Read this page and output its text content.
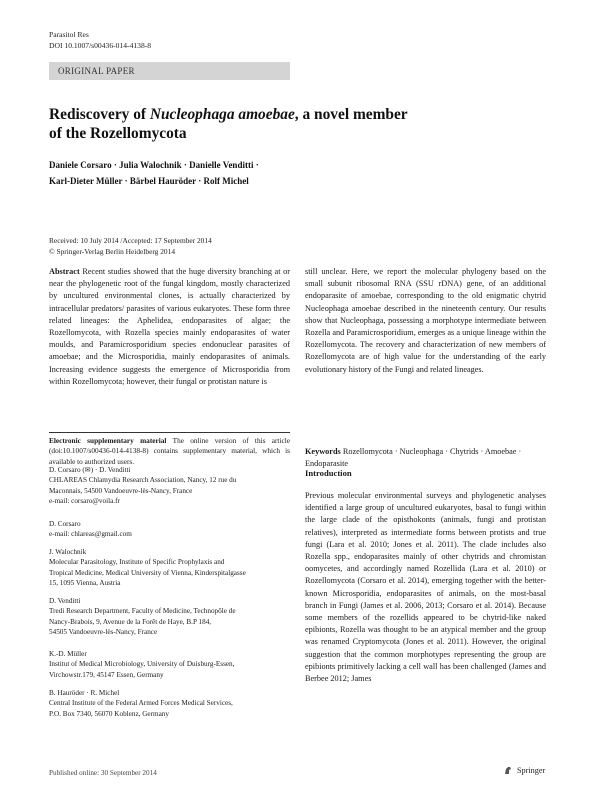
Parasitol Res
DOI 10.1007/s00436-014-4138-8
ORIGINAL PAPER
Rediscovery of Nucleophaga amoebae, a novel member
of the Rozellomycota
Daniele Corsaro · Julia Walochnik · Danielle Venditti ·
Karl-Dieter Müller · Bärbel Hauröder · Rolf Michel
Received: 10 July 2014 /Accepted: 17 September 2014
© Springer-Verlag Berlin Heidelberg 2014

Abstract Recent studies showed that the huge diversity branching at or near the phylogenetic root of the fungal kingdom, mostly characterized by uncultured environmental clones, is actually characterized by intracellular predators/ parasites of various eukaryotes. These form three related lineages: the Aphelidea, endoparasites of algae; the Rozellomycota, with Rozella species mainly endoparasites of water moulds, and Paramicrosporidium species endonuclear parasites of amoebae; and the Microsporidia, mainly endoparasites of animals. Increasing evidence suggests the emergence of Microsporidia from within Rozellomycota; however, their fungal or protistan nature is

Electronic supplementary material The online version of this article (doi:10.1007/s00436-014-4138-8) contains supplementary material, which is available to authorized users.
D. Corsaro (✉) · D. Venditti
CHLAREAS Chlamydia Research Association, Nancy, 12 rue du
Maconnais, 54500 Vandoeuvre-lès-Nancy, France
e-mail: corsaro@voila.fr
D. Corsaro
e-mail: chlareas@gmail.com
J. Walochnik
Molecular Parasitology, Institute of Specific Prophylaxis and
Tropical Medicine, Medical University of Vienna, Kinderspitalgasse
15, 1095 Vienna, Austria
D. Venditti
Tredi Research Department, Faculty of Medicine, Technopôle de
Nancy-Brabois, 9, Avenue de la Forêt de Haye, B.P 184,
54505 Vandoeuvre-lès-Nancy, France
K.-D. Müller
Institut of Medical Microbiology, University of Duisburg-Essen,
Virchowstr.179, 45147 Essen, Germany
B. Hauröder · R. Michel
Central Institute of the Federal Armed Forces Medical Services,
P.O. Box 7340, 56070 Koblenz, Germany

still unclear. Here, we report the molecular phylogeny based on the small subunit ribosomal RNA (SSU rDNA) gene, of an additional endoparasite of amoebae, corresponding to the old enigmatic chytrid Nucleophaga amoebae described in the nineteenth century. Our results show that Nucleophaga, possessing a morphotype intermediate between Rozella and Paramicrosporidium, emerges as a unique lineage within the Rozellomycota. The recovery and characterization of new members of Rozellomycota are of high value for the understanding of the early evolutionary history of the Fungi and related lineages.

Keywords Rozellomycota · Nucleophaga · Chytrids · Amoebae · Endoparasite
Introduction

Previous molecular environmental surveys and phylogenetic analyses identified a large group of uncultured eukaryotes, basal to fungi within the large clade of the opisthokonts (animals, fungi and protistan relatives), interpreted as intermediate forms between protists and true fungi (Lara et al. 2010; Jones et al. 2011). The clade includes also Rozella spp., endoparasites mainly of other chytrids and chromistan oomycetes, and accordingly named Rozellida (Lara et al. 2010) or Rozellomycota (Corsaro et al. 2014), emerging together with the better-known Microsporidia, endoparasites of animals, on the most-basal branch in Fungi (James et al. 2006, 2013; Corsaro et al. 2014). Because some members of the rozellids appeared to be chytrid-like naked epibionts, Rozella was thought to be an atypical member and the group was renamed Cryptomycota (Jones et al. 2011). However, the original suggestion that the common morphotypes representing the group are epibionts primitively lacking a cell wall has been challenged (James and Berbee 2012; James

Published online: 30 September 2014	Springer
